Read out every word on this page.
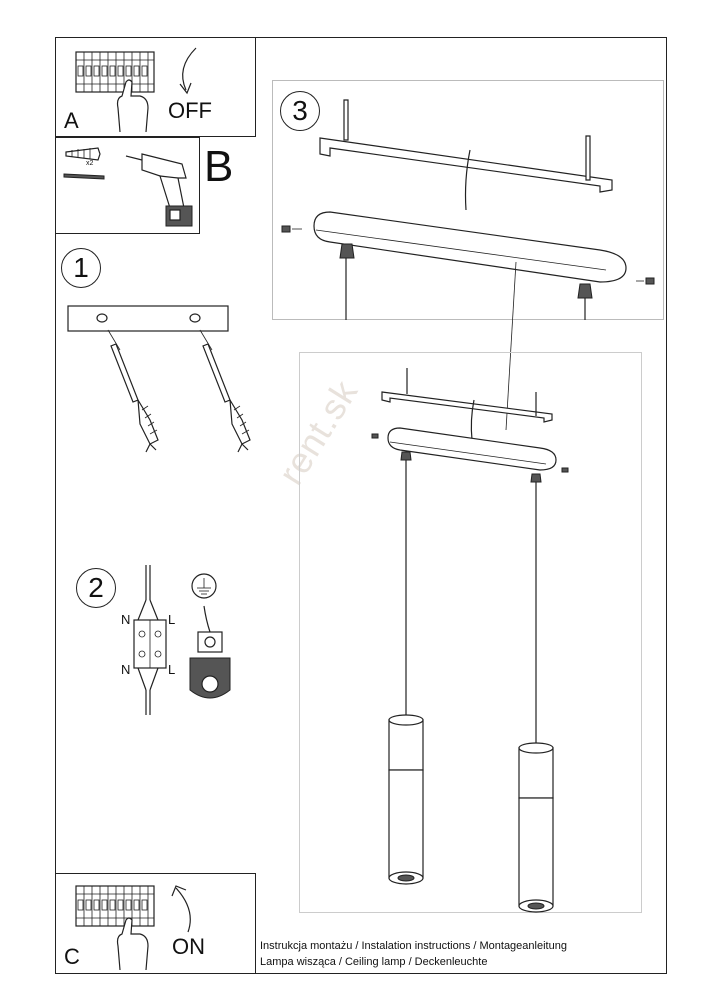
rent.sk
A	OFF
x2	B
1
2
N	L
N	L
3
C	ON	Instrukcja montażu / Instalation instructions / Montageanleitung
Lampa wisząca / Ceiling lamp / Deckenleuchte
